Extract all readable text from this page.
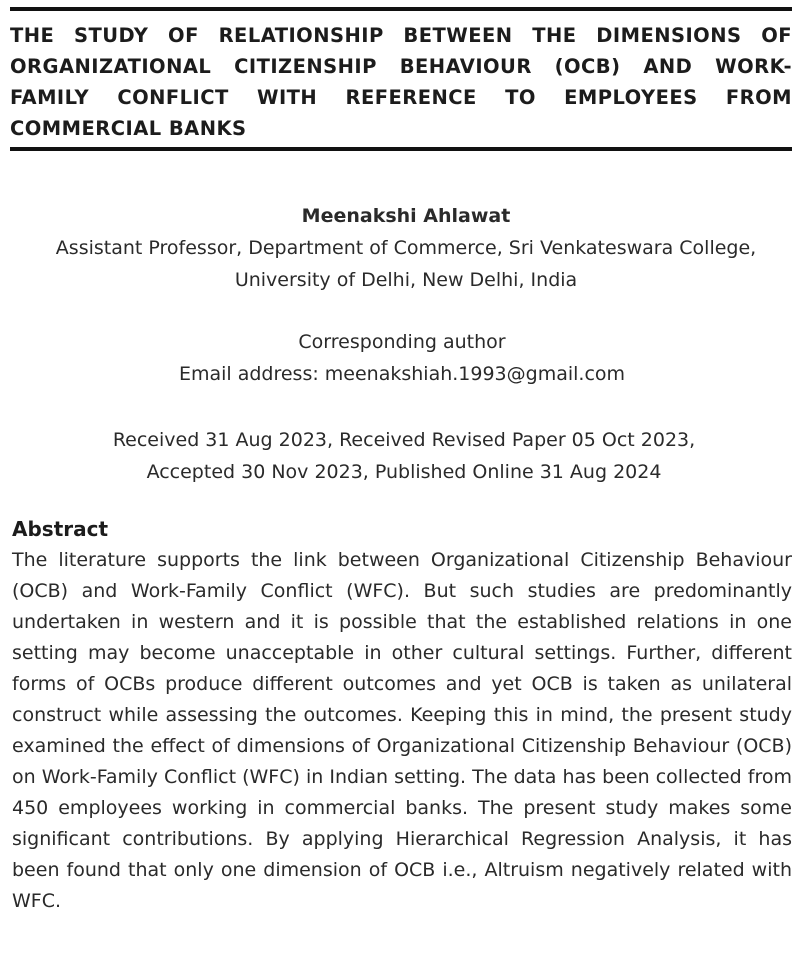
THE STUDY OF RELATIONSHIP BETWEEN THE DIMENSIONS OF ORGANIZATIONAL CITIZENSHIP BEHAVIOUR (OCB) AND WORK-FAMILY CONFLICT WITH REFERENCE TO EMPLOYEES FROM COMMERCIAL BANKS
Meenakshi Ahlawat
Assistant Professor, Department of Commerce, Sri Venkateswara College, University of Delhi, New Delhi, India
Corresponding author
Email address: meenakshiah.1993@gmail.com
Received 31 Aug 2023, Received Revised Paper 05 Oct 2023,
Accepted 30 Nov 2023, Published Online 31 Aug 2024
Abstract

The literature supports the link between Organizational Citizenship Behaviour (OCB) and Work-Family Conflict (WFC). But such studies are predominantly undertaken in western and it is possible that the established relations in one setting may become unacceptable in other cultural settings. Further, different forms of OCBs produce different outcomes and yet OCB is taken as unilateral construct while assessing the outcomes. Keeping this in mind, the present study examined the effect of dimensions of Organizational Citizenship Behaviour (OCB) on Work-Family Conflict (WFC) in Indian setting. The data has been collected from 450 employees working in commercial banks. The present study makes some significant contributions. By applying Hierarchical Regression Analysis, it has been found that only one dimension of OCB i.e., Altruism negatively related with WFC.
